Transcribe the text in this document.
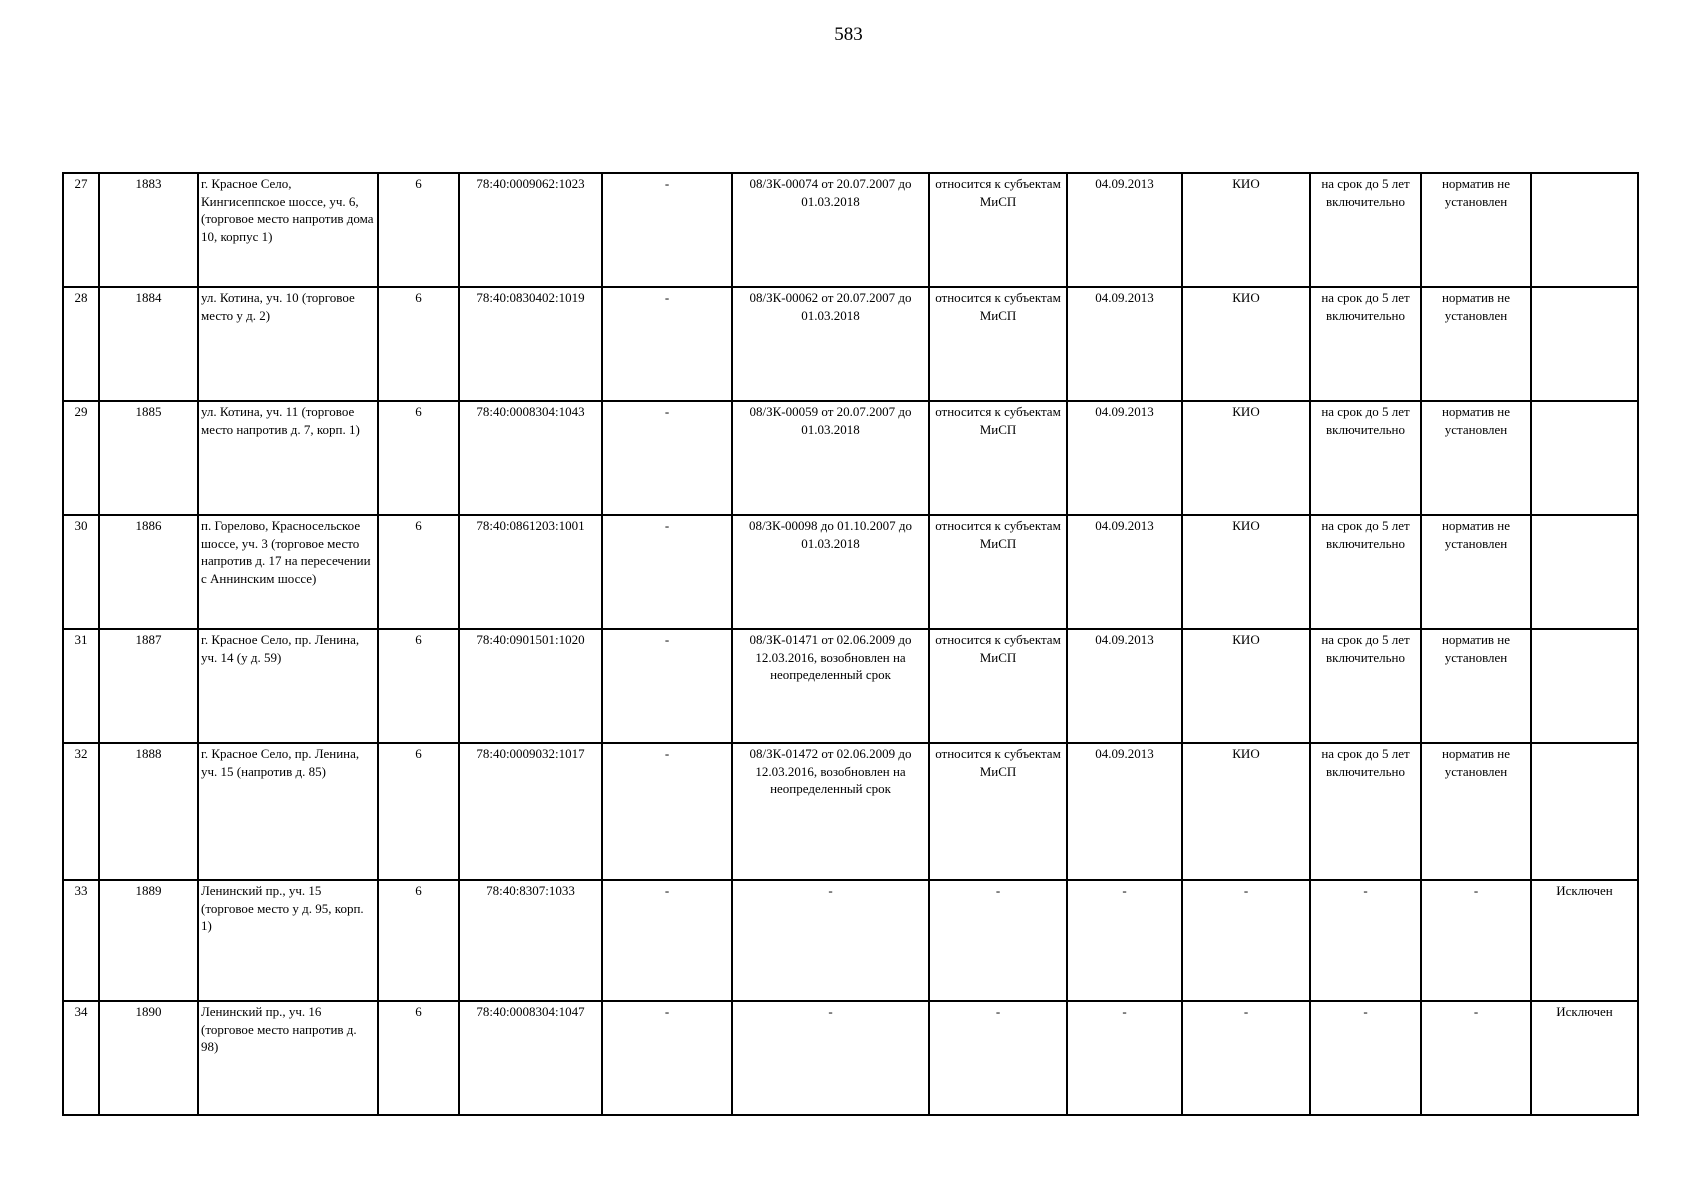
583
27	1883	г. Красное Село, Кингисеппское шоссе, уч. 6, (торговое место напротив дома 10, корпус 1)	6	78:40:0009062:1023	-	08/ЗК-00074 от 20.07.2007 до 01.03.2018	относится к субъектам МиСП	04.09.2013	КИО	на срок до 5 лет включительно	норматив не установлен	
28	1884	ул. Котина, уч. 10 (торговое место у д. 2)	6	78:40:0830402:1019	-	08/ЗК-00062 от 20.07.2007 до 01.03.2018	относится к субъектам МиСП	04.09.2013	КИО	на срок до 5 лет включительно	норматив не установлен	
29	1885	ул. Котина, уч. 11 (торговое место напротив д. 7, корп. 1)	6	78:40:0008304:1043	-	08/ЗК-00059 от 20.07.2007 до 01.03.2018	относится к субъектам МиСП	04.09.2013	КИО	на срок до 5 лет включительно	норматив не установлен	
30	1886	п. Горелово, Красносельское шоссе, уч. 3 (торговое место напротив д. 17 на пересечении с Аннинским шоссе)	6	78:40:0861203:1001	-	08/ЗК-00098 до 01.10.2007 до 01.03.2018	относится к субъектам МиСП	04.09.2013	КИО	на срок до 5 лет включительно	норматив не установлен	
31	1887	г. Красное Село, пр. Ленина, уч. 14 (у д. 59)	6	78:40:0901501:1020	-	08/ЗК-01471 от 02.06.2009 до 12.03.2016, возобновлен на неопределенный срок	относится к субъектам МиСП	04.09.2013	КИО	на срок до 5 лет включительно	норматив не установлен	
32	1888	г. Красное Село, пр. Ленина, уч. 15 (напротив д. 85)	6	78:40:0009032:1017	-	08/ЗК-01472 от 02.06.2009 до 12.03.2016, возобновлен на неопределенный срок	относится к субъектам МиСП	04.09.2013	КИО	на срок до 5 лет включительно	норматив не установлен	
33	1889	Ленинский пр., уч. 15 (торговое место у д. 95, корп. 1)	6	78:40:8307:1033	-	-	-	-	-	-	-	Исключен
34	1890	Ленинский пр., уч. 16 (торговое место напротив д. 98)	6	78:40:0008304:1047	-	-	-	-	-	-	-	Исключен
